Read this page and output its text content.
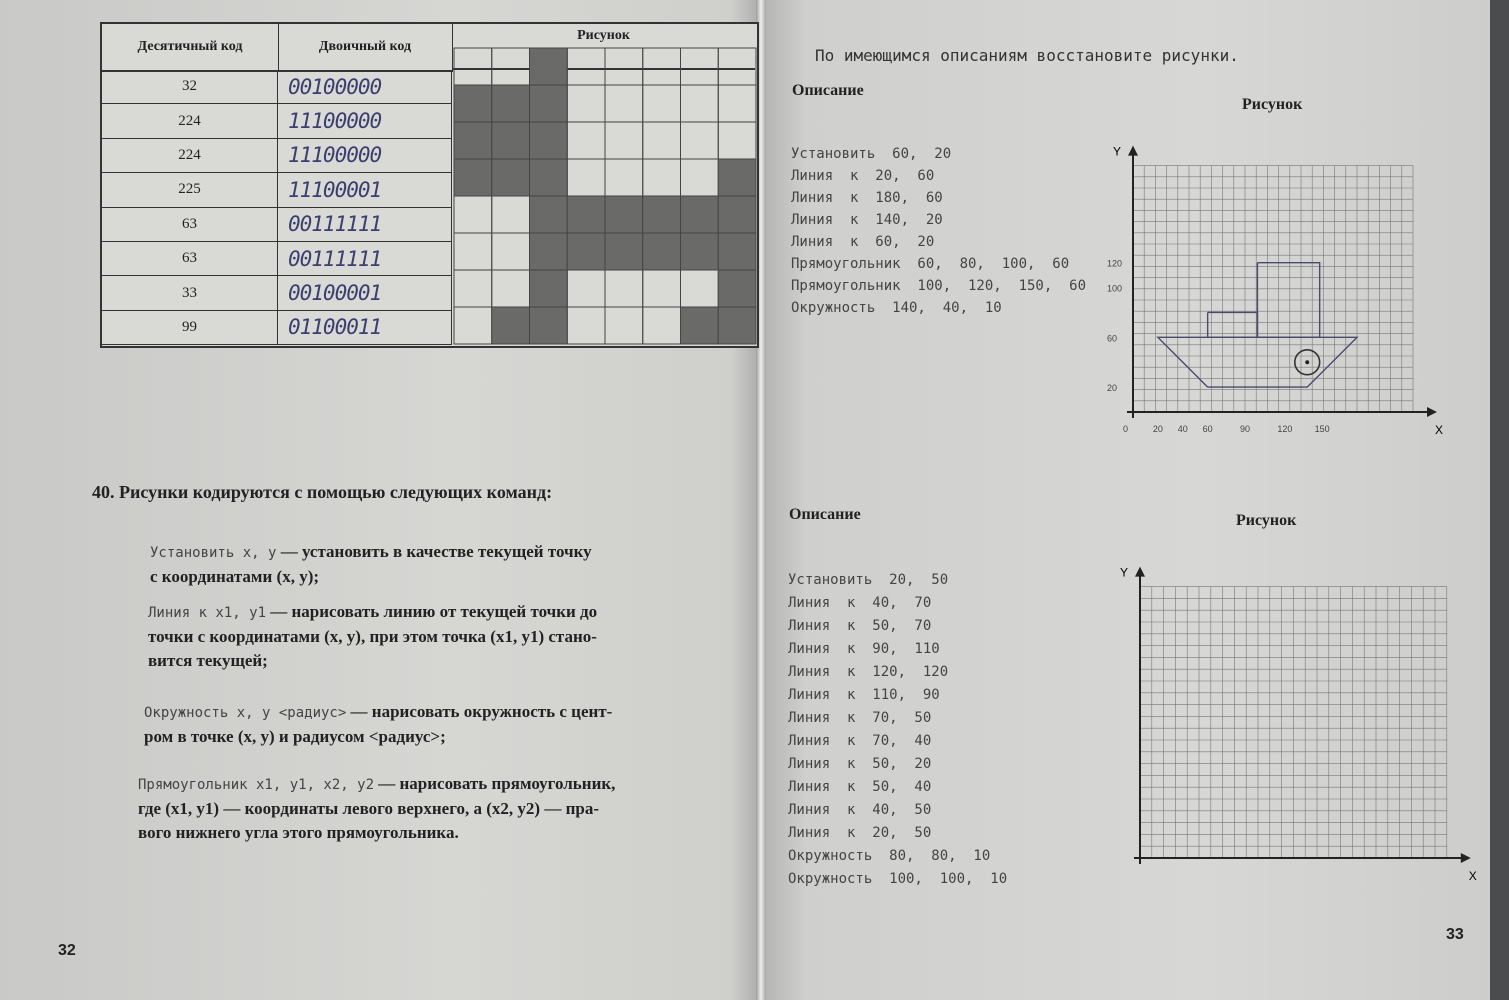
Десятичный код	Двоичный код
Рисунок
32	00100000
224	11100000
224	11100000
225	11100001
63	00111111
63	00111111
33	00100001
99	01100011
40. Рисунки кодируются с помощью следующих команд:
Установить x, y — установить в качестве текущей точку
с координатами (x, y);
Линия к x1, y1 — нарисовать линию от текущей точки до
точки с координатами (x, y), при этом точка (x1, y1) стано-
вится текущей;
Окружность x, y <радиус> — нарисовать окружность с цент-
ром в точке (x, y) и радиусом <радиус>;
Прямоугольник x1, y1, x2, y2 — нарисовать прямоугольник,
где (x1, y1) — координаты левого верхнего, а (x2, y2) — пра-
вого нижнего угла этого прямоугольника.
32
По имеющимся описаниям восстановите рисунки.
Описание
Рисунок
Установить  60,  20
Линия  к  20,  60
Линия  к  180,  60
Линия  к  140,  20
Линия  к  60,  20
Прямоугольник  60,  80,  100,  60
Прямоугольник  100,  120,  150,  60
Окружность  140,  40,  10
X
Y
120
100
60
20
0	20 40 60	90	120 150
Описание	Рисунок
Установить  20,  50
Линия  к  40,  70
Линия  к  50,  70
Линия  к  90,  110
Линия  к  120,  120
Линия  к  110,  90
Линия  к  70,  50
Линия  к  70,  40
Линия  к  50,  20
Линия  к  50,  40
Линия  к  40,  50
Линия  к  20,  50
Окружность  80,  80,  10
Окружность  100,  100,  10	X
Y
33
